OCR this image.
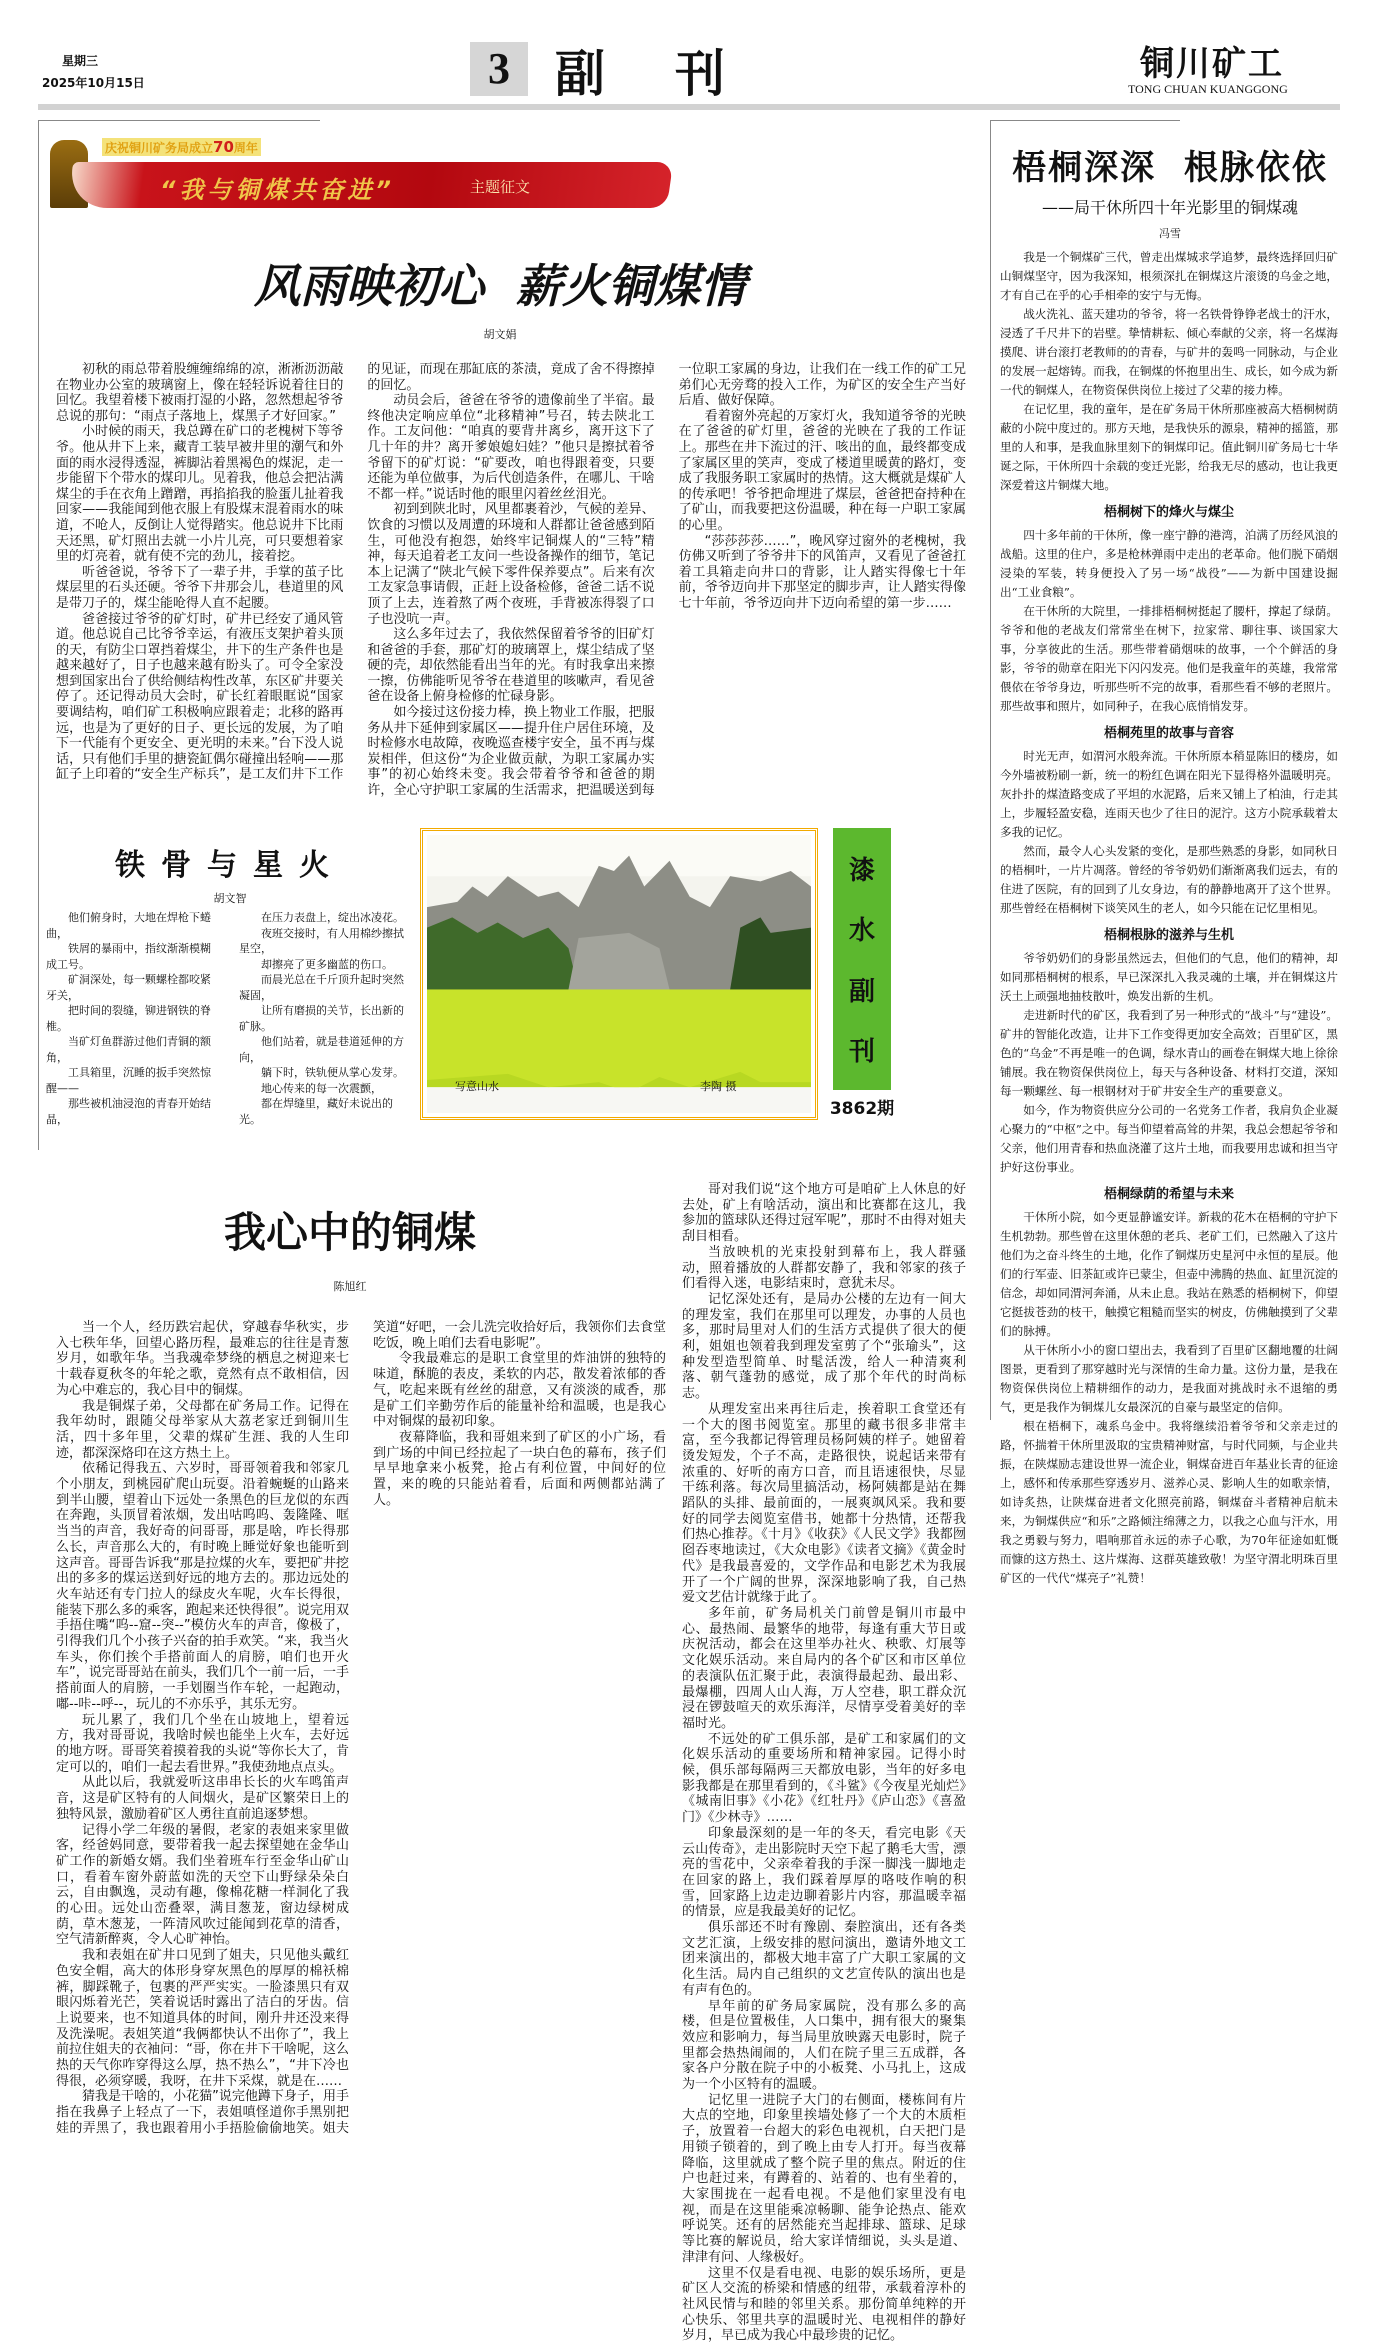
星期三
2025年10月15日	3 副刊	铜川矿工
TONG CHUAN KUANGGONG
庆祝铜川矿务局成立70周年
“我与铜煤共奋进”	主题征文
风雨映初心  薪火铜煤情
胡文娟

初秋的雨总带着股缠缠绵绵的凉，淅淅沥沥敲在物业办公室的玻璃窗上，像在轻轻诉说着往日的回忆。我望着楼下被雨打湿的小路，忽然想起爷爷总说的那句：“雨点子落地上，煤黑子才好回家。”

小时候的雨天，我总蹲在矿口的老槐树下等爷爷。他从井下上来，藏青工装早被井里的潮气和外面的雨水浸得透湿，裤脚沾着黑褐色的煤泥，走一步能留下个带水的煤印儿。见着我，他总会把沾满煤尘的手在衣角上蹭蹭，再掐掐我的脸蛋儿扯着我回家——我能闻到他衣服上有股煤末混着雨水的味道，不呛人，反倒让人觉得踏实。他总说井下比雨天还黑，矿灯照出去就一小片儿亮，可只要想着家里的灯亮着，就有使不完的劲儿，接着挖。

听爸爸说，爷爷下了一辈子井，手掌的茧子比煤层里的石头还硬。爷爷下井那会儿，巷道里的风是带刀子的，煤尘能呛得人直不起腰。

爸爸接过爷爷的矿灯时，矿井已经安了通风管道。他总说自己比爷爷幸运，有液压支架护着头顶的天，有防尘口罩挡着煤尘，井下的生产条件也是越来越好了，日子也越来越有盼头了。可令全家没想到国家出台了供给侧结构性改革，东区矿井要关停了。还记得动员大会时，矿长红着眼眶说“国家要调结构，咱们矿工积极响应跟着走；北移的路再远，也是为了更好的日子、更长远的发展，为了咱下一代能有个更安全、更光明的未来。”台下没人说话，只有他们手里的搪瓷缸偶尔碰撞出轻响——那缸子上印着的“安全生产标兵”，是工友们井下工作的见证，而现在那缸底的茶渍，竟成了舍不得擦掉的回忆。

动员会后，爸爸在爷爷的遗像前坐了半宿。最终他决定响应单位“北移精神”号召，转去陕北工作。工友问他：“咱真的要背井离乡，离开这下了几十年的井？离开爹娘媳妇娃？”他只是擦拭着爷爷留下的矿灯说：“矿要改，咱也得跟着变，只要还能为单位做事，为后代创造条件，在哪儿、干啥不都一样。”说话时他的眼里闪着丝丝泪光。

初到到陕北时，风里都裹着沙，气候的差异、饮食的习惯以及周遭的环境和人群都让爸爸感到陌生，可他没有抱怨，始终牢记铜煤人的“三特”精神，每天追着老工友问一些设备操作的细节，笔记本上记满了“陕北气候下零件保养要点”。后来有次工友家急事请假，正赶上设备检修，爸爸二话不说顶了上去，连着熬了两个夜班，手背被冻得裂了口子也没吭一声。

这么多年过去了，我依然保留着爷爷的旧矿灯和爸爸的手套，那矿灯的玻璃罩上，煤尘结成了坚硬的壳，却依然能看出当年的光。有时我拿出来擦一擦，仿佛能听见爷爷在巷道里的咳嗽声，看见爸爸在设备上俯身检修的忙碌身影。

如今接过这份接力棒，换上物业工作服，把服务从井下延伸到家属区——提升住户居住环境，及时检修水电故障，夜晚巡查楼宇安全，虽不再与煤炭相伴，但这份“为企业做贡献，为职工家属办实事”的初心始终未变。我会带着爷爷和爸爸的期许，全心守护职工家属的生活需求，把温暖送到每一位职工家属的身边，让我们在一线工作的矿工兄弟们心无旁骛的投入工作，为矿区的安全生产当好后盾、做好保障。

看着窗外亮起的万家灯火，我知道爷爷的光映在了爸爸的矿灯里，爸爸的光映在了我的工作证上。那些在井下流过的汗、咳出的血，最终都变成了家属区里的笑声，变成了楼道里暖黄的路灯，变成了我服务职工家属时的热情。这大概就是煤矿人的传承吧！爷爷把命埋进了煤层，爸爸把奋持种在了矿山，而我要把这份温暖，种在每一户职工家属的心里。

“莎莎莎莎……”，晚风穿过窗外的老槐树，我仿佛又听到了爷爷井下的风笛声，又看见了爸爸扛着工具箱走向井口的背影，让人踏实得像七十年前，爷爷迈向井下那坚定的脚步声，让人踏实得像七十年前，爷爷迈向井下迈向希望的第一步……

铁骨与星火
胡文智

他们俯身时，大地在焊枪下蜷曲，

铁屑的暴雨中，指纹渐渐模糊成工号。

矿洞深处，每一颗螺栓都咬紧牙关，

把时间的裂缝，铆进钢铁的脊椎。

当矿灯鱼群游过他们青铜的额角，

工具箱里，沉睡的扳手突然惊醒——

那些被机油浸泡的青春开始结晶，

在压力表盘上，绽出冰凌花。

夜班交接时，有人用棉纱擦拭星空，

却擦亮了更多幽蓝的伤口。

而晨光总在千斤顶升起时突然凝固，

让所有磨损的关节，长出新的矿脉。

他们站着，就是巷道延伸的方向，

躺下时，铁轨便从掌心发芽。

地心传来的每一次震颤，

都在焊缝里，藏好未说出的光。

写意山水	李陶 摄
漆
水
副
刊
3862期
我心中的铜煤
陈旭红

当一个人，经历跌宕起伏，穿越春华秋实，步入七秩年华，回望心路历程，最难忘的往往是青葱岁月，如歌年华。当我魂牵梦绕的栖息之树迎来七十载春夏秋冬的年轮之歌，竟然有点不敢相信，因为心中难忘的，我心目中的铜煤。

我是铜煤子弟，父母都在矿务局工作。记得在我年幼时，跟随父母举家从大荔老家迁到铜川生活，四十多年里，父辈的煤矿生涯、我的人生印迹，都深深烙印在这方热土上。

依稀记得我五、六岁时，哥哥领着我和邻家几个小朋友，到桃园矿爬山玩耍。沿着蜿蜒的山路来到半山腰，望着山下远处一条黑色的巨龙似的东西在奔跑，头顶冒着浓烟，发出咕呜呜、轰隆隆、哐当当的声音，我好奇的问哥哥，那是啥，咋长得那么长，声音那么大的，有时晚上睡觉好象也能听到这声音。哥哥告诉我“那是拉煤的火车，要把矿井挖出的多多的煤运送到好远的地方去的。那边远处的火车站还有专门拉人的绿皮火车呢，火车长得很，能装下那么多的乘客，跑起来还快得很”。说完用双手捂住嘴“呜--窟--突--”模仿火车的声音，像极了，引得我们几个小孩子兴奋的拍手欢笑。“来，我当火车头，你们挨个手搭前面人的肩膀，咱们也开火车”，说完哥哥站在前头，我们几个一前一后，一手搭前面人的肩膀，一手划圈当作车轮，一起跑动，嘟--咔--呼--，玩儿的不亦乐乎，其乐无穷。

玩儿累了，我们几个坐在山坡地上，望着远方，我对哥哥说，我啥时候也能坐上火车，去好远的地方呀。哥哥笑着摸着我的头说“等你长大了，肯定可以的，咱们一起去看世界。”我使劲地点点头。

从此以后，我就爱听这串串长长的火车鸣笛声音，这是矿区特有的人间烟火，是矿区繁荣日上的独特风景，激励着矿区人勇往直前追逐梦想。

记得小学二年级的暑假，老家的表姐来家里做客，经爸妈同意，要带着我一起去探望她在金华山矿工作的新婚女婿。我们坐着班车行至金华山矿山口，看着车窗外蔚蓝如洗的天空下山野绿朵朵白云，自由飘逸，灵动有趣，像棉花糖一样洞化了我的心田。远处山峦叠翠，满目葱茏，窗边绿树成荫，草木葱茏，一阵清风吹过能闻到花草的清香，空气清新醉爽，令人心旷神怡。

我和表姐在矿井口见到了姐夫，只见他头戴红色安全帽，高大的体形身穿灰黑色的厚厚的棉袄棉裤，脚踩靴子，包裹的严严实实。一脸漆黑只有双眼闪烁着光芒，笑着说话时露出了洁白的牙齿。信上说要来，也不知道具体的时间，刚升井还没来得及洗澡呢。表姐笑道“我俩都快认不出你了”，我上前拉住姐夫的衣袖问：“哥，你在井下干啥呢，这么热的天气你咋穿得这么厚，热不热么”，“井下冷也得很，必须穿暖，我呀，在井下采煤，就是在……

猜我是干啥的，小花猫”说完他蹲下身子，用手指在我鼻子上轻点了一下，表姐嗔怪道你手黑别把娃的弄黑了，我也跟着用小手捂脸偷偷地笑。姐夫笑道“好吧，一会儿洗完收拾好后，我领你们去食堂吃饭，晚上咱们去看电影呢”。

令我最难忘的是职工食堂里的炸油饼的独特的味道，酥脆的表皮，柔软的内芯，散发着浓郁的香气，吃起来既有丝丝的甜意，又有淡淡的咸香，那是矿工们辛勤劳作后的能量补给和温暖，也是我心中对铜煤的最初印象。

夜幕降临，我和哥姐来到了矿区的小广场，看到广场的中间已经拉起了一块白色的幕布，孩子们早早地拿来小板凳，抢占有利位置，中间好的位置，来的晚的只能站着看，后面和两侧都站满了人。

哥对我们说“这个地方可是咱矿上人休息的好去处，矿上有啥活动，演出和比赛都在这儿，我参加的篮球队还得过冠军呢”，那时不由得对姐夫刮目相看。

当放映机的光束投射到幕布上，我人群骚动，照着播放的人群都安静了，我和邻家的孩子们看得入迷，电影结束时，意犹未尽。

记忆深处还有，是局办公楼的左边有一间大的理发室，我们在那里可以理发，办事的人员也多，那时局里对人们的生活方式提供了很大的便利，姐姐也领着我到理发室剪了个“张瑜头”，这种发型造型简单、时髦活泼，给人一种清爽利落、朝气蓬勃的感觉，成了那个年代的时尚标志。

从理发室出来再往后走，挨着职工食堂还有一个大的图书阅览室。那里的藏书很多非常丰富，至今我都记得管理员杨阿姨的样子。她留着烫发短发，个子不高，走路很快，说起话来带有浓重的、好听的南方口音，而且语速很快，尽显干练利落。每次局里搞活动，杨阿姨都是站在舞蹈队的头排、最前面的，一展爽飒风采。我和要好的同学去阅览室借书，她都十分热情，还帮我们热心推荐。《十月》《收获》《人民文学》我都囫囵吞枣地读过，《大众电影》《读者文摘》《黄金时代》是我最喜爱的，文学作品和电影艺术为我展开了一个广阔的世界，深深地影响了我，自己热爱文艺估计就缘于此了。

多年前，矿务局机关门前曾是铜川市最中心、最热闹、最繁华的地带，每逢有重大节日或庆祝活动，都会在这里举办社火、秧歌、灯展等文化娱乐活动。来自局内的各个矿区和市区单位的表演队伍汇聚于此，表演得最起劲、最出彩、最爆棚，四周人山人海，万人空巷，职工群众沉浸在锣鼓喧天的欢乐海洋，尽情享受着美好的幸福时光。

不远处的矿工俱乐部，是矿工和家属们的文化娱乐活动的重要场所和精神家园。记得小时候，俱乐部每隔两三天都放电影，当年的好多电影我都是在那里看到的，《斗鲨》《今夜星光灿烂》《城南旧事》《小花》《红牡丹》《庐山恋》《喜盈门》《少林寺》……

印象最深刻的是一年的冬天，看完电影《天云山传奇》，走出影院时天空下起了鹅毛大雪，漂亮的雪花中，父亲牵着我的手深一脚浅一脚地走在回家的路上，我们踩着厚厚的咯吱作响的积雪，回家路上边走边聊着影片内容，那温暖幸福的情景，应是我最美好的记忆。

俱乐部还不时有豫剧、秦腔演出，还有各类文艺汇演，上级安排的慰问演出，邀请外地文工团来演出的，都极大地丰富了广大职工家属的文化生活。局内自己组织的文艺宣传队的演出也是有声有色的。

早年前的矿务局家属院，没有那么多的高楼，但是位置极佳，人口集中，拥有很大的聚集效应和影响力，每当局里放映露天电影时，院子里都会热热闹闹的，人们在院子里三五成群，各家各户分散在院子中的小板凳、小马扎上，这成为一个小区特有的温暖。

记忆里一进院子大门的右侧面，楼栋间有片大点的空地，印象里挨墙处修了一个大的木质柜子，放置着一台超大的彩色电视机，白天把门是用锁子锁着的，到了晚上由专人打开。每当夜幕降临，这里就成了整个院子里的焦点。附近的住户也赶过来，有蹲着的、站着的、也有坐着的，大家围拢在一起看电视。不是他们家里没有电视，而是在这里能乘凉畅聊、能争论热点、能欢呼说笑。还有的居然能充当起排球、篮球、足球等比赛的解说员，给大家详情细说，头头是道、津津有问、人缘极好。

这里不仅是看电视、电影的娱乐场所，更是矿区人交流的桥梁和情感的纽带，承载着淳朴的社风民情与和睦的邻里关系。那份简单纯粹的开心快乐、邻里共享的温暖时光、电视相伴的静好岁月，早已成为我心中最珍贵的记忆。

梧桐深深  根脉依依
——局干休所四十年光影里的铜煤魂
冯雪

我是一个铜煤矿三代，曾走出煤城求学追梦，最终选择回归矿山铜煤坚守，因为我深知，根须深扎在铜煤这片滚烫的乌金之地，才有自己在乎的心手相牵的安宁与无悔。

战火洗礼、蓝天建功的爷爷，将一名铁骨铮铮老战士的汗水，浸透了千尺井下的岩壁。挚情耕耘、倾心奉献的父亲，将一名煤海摸爬、讲台滚打老教师的的青春，与矿井的轰鸣一同脉动，与企业的发展一起熔铸。而我，在铜煤的怀抱里出生、成长，如今成为新一代的铜煤人，在物资保供岗位上接过了父辈的接力棒。

在记忆里，我的童年，是在矿务局干休所那座被高大梧桐树荫蔽的小院中度过的。那方天地，是我快乐的源泉，精神的摇篮，那里的人和事，是我血脉里刻下的铜煤印记。值此铜川矿务局七十华诞之际，干休所四十余载的变迁光影，给我无尽的感动，也让我更深爱着这片铜煤大地。

梧桐树下的烽火与煤尘

四十多年前的干休所，像一座宁静的港湾，泊满了历经风浪的战船。这里的住户，多是枪林弹雨中走出的老革命。他们脱下硝烟浸染的军装，转身便投入了另一场“战役”——为新中国建设掘出“工业食粮”。

在干休所的大院里，一排排梧桐树挺起了腰杆，撑起了绿荫。爷爷和他的老战友们常常坐在树下，拉家常、聊往事、谈国家大事，分享彼此的生活。那些带着硝烟味的故事，一个个鲜活的身影，爷爷的勋章在阳光下闪闪发亮。他们是我童年的英雄，我常常偎依在爷爷身边，听那些听不完的故事，看那些看不够的老照片。那些故事和照片，如同种子，在我心底悄悄发芽。

梧桐苑里的故事与音容

时光无声，如渭河水般奔流。干休所原本稍显陈旧的楼房，如今外墙被粉刷一新，统一的粉红色调在阳光下显得格外温暖明亮。灰扑扑的煤渣路变成了平坦的水泥路，后来又铺上了柏油，行走其上，步履轻盈安稳，连雨天也少了往日的泥泞。这方小院承载着太多我的记忆。

然而，最令人心头发紧的变化，是那些熟悉的身影，如同秋日的梧桐叶，一片片凋落。曾经的爷爷奶奶们渐渐离我们远去，有的住进了医院，有的回到了儿女身边，有的静静地离开了这个世界。那些曾经在梧桐树下谈笑风生的老人，如今只能在记忆里相见。

梧桐根脉的滋养与生机

爷爷奶奶们的身影虽然远去，但他们的气息，他们的精神，却如同那梧桐树的根系，早已深深扎入我灵魂的土壤，并在铜煤这片沃土上顽强地抽枝散叶，焕发出新的生机。

走进新时代的矿区，我看到了另一种形式的“战斗”与“建设”。矿井的智能化改造，让井下工作变得更加安全高效；百里矿区，黑色的“乌金”不再是唯一的色调，绿水青山的画卷在铜煤大地上徐徐铺展。我在物资保供岗位上，每天与各种设备、材料打交道，深知每一颗螺丝、每一根钢材对于矿井安全生产的重要意义。

如今，作为物资供应分公司的一名党务工作者，我肩负企业凝心聚力的“中枢”之中。每当仰望着高耸的井架，我总会想起爷爷和父亲，他们用青春和热血浇灌了这片土地，而我要用忠诚和担当守护好这份事业。

梧桐绿荫的希望与未来

干休所小院，如今更显静谧安详。新栽的花木在梧桐的守护下生机勃勃。那些曾在这里休憩的老兵、老矿工们，已然融入了这片他们为之奋斗终生的土地，化作了铜煤历史星河中永恒的星辰。他们的行军壶、旧茶缸或许已蒙尘，但壶中沸腾的热血、缸里沉淀的信念，却如同渭河奔涌，从未止息。我站在熟悉的梧桐树下，仰望它挺拔苍劲的枝干，触摸它粗糙而坚实的树皮，仿佛触摸到了父辈们的脉搏。

从干休所小小的窗口望出去，我看到了百里矿区翻地覆的壮阔图景，更看到了那穿越时光与深情的生命力量。这份力量，是我在物资保供岗位上精耕细作的动力，是我面对挑战时永不退缩的勇气，更是我作为铜煤儿女最深沉的自豪与最坚定的信仰。

根在梧桐下，魂系乌金中。我将继续沿着爷爷和父亲走过的路，怀揣着干休所里汲取的宝贵精神财富，与时代同频，与企业共振，在陕煤励志建设世界一流企业，铜煤奋进百年基业长青的征途上，感怀和传承那些穿透岁月、滋养心灵、影响人生的如歌亲情，如诗炙热，让陕煤奋进者文化照亮前路，铜煤奋斗者精神启航未来，为铜煤供应“和乐”之路倾注绵薄之力，以我之心血与汗水，用我之勇毅与努力，唱响那首永远的赤子心歌，为70年征途如虹慨而慷的这方热土、这片煤海、这群英雄致敬！为坚守渭北明珠百里矿区的一代代“煤亮子”礼赞！
